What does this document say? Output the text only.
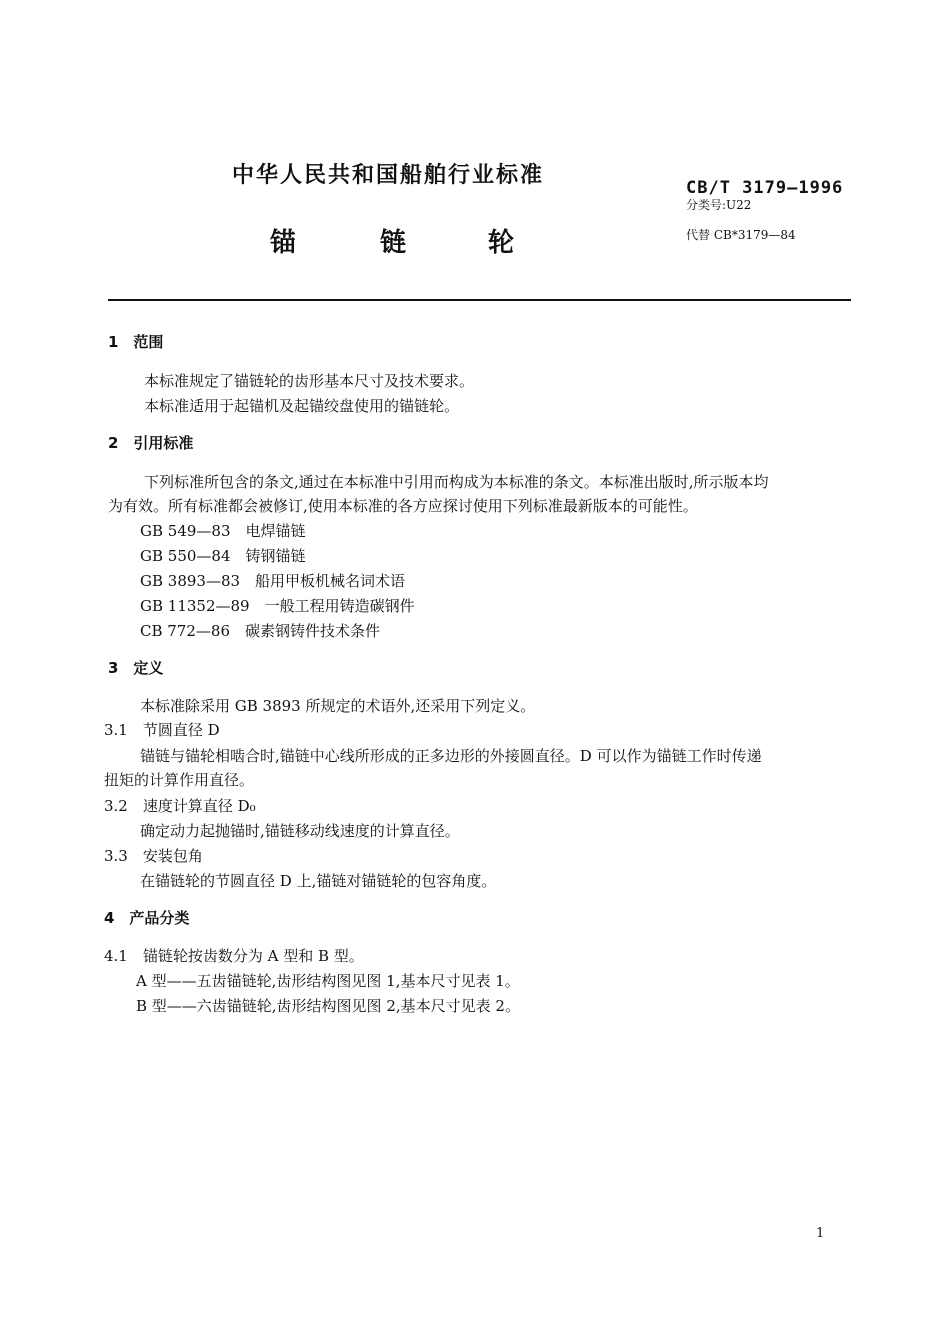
中华人民共和国船舶行业标准
锚	链	轮
CB/T 3179—1996
分类号:U22
代替 CB*3179—84
1　范围
本标准规定了锚链轮的齿形基本尺寸及技术要求。
本标准适用于起锚机及起锚绞盘使用的锚链轮。
2　引用标准
下列标准所包含的条文,通过在本标准中引用而构成为本标准的条文。本标准出版时,所示版本均
为有效。所有标准都会被修订,使用本标准的各方应探讨使用下列标准最新版本的可能性。
GB 549—83　电焊锚链
GB 550—84　铸钢锚链
GB 3893—83　船用甲板机械名词术语
GB 11352—89　一般工程用铸造碳钢件
CB 772—86　碳素钢铸件技术条件
3　定义
本标准除采用 GB 3893 所规定的术语外,还采用下列定义。
3.1　节圆直径 D
锚链与锚轮相啮合时,锚链中心线所形成的正多边形的外接圆直径。D 可以作为锚链工作时传递
扭矩的计算作用直径。
3.2　速度计算直径 D₀
确定动力起抛锚时,锚链移动线速度的计算直径。
3.3　安装包角
在锚链轮的节圆直径 D 上,锚链对锚链轮的包容角度。
4　产品分类
4.1　锚链轮按齿数分为 A 型和 B 型。
A 型——五齿锚链轮,齿形结构图见图 1,基本尺寸见表 1。
B 型——六齿锚链轮,齿形结构图见图 2,基本尺寸见表 2。
1
